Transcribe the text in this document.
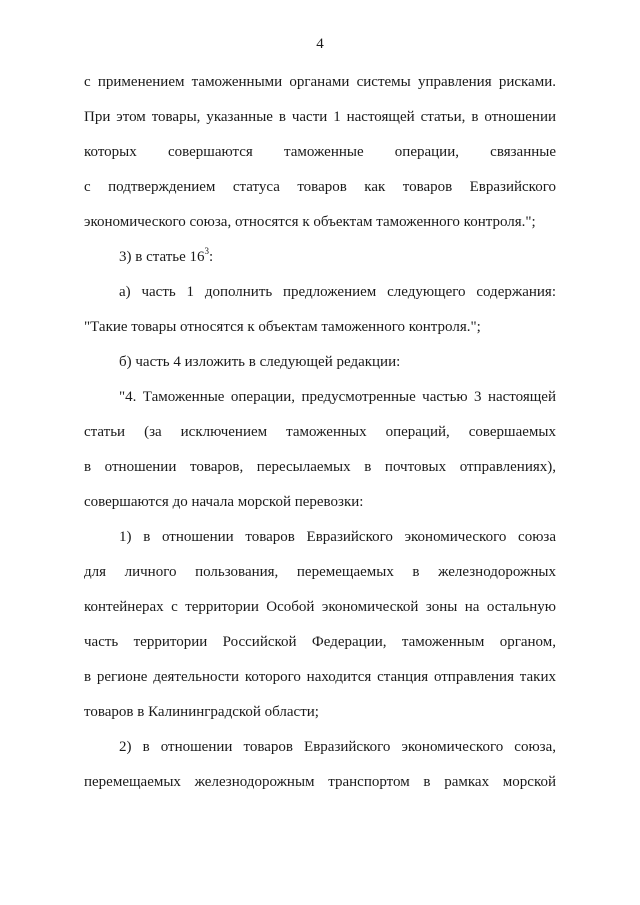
4
с применением таможенными органами системы управления рисками.
При этом товары, указанные в части 1 настоящей статьи, в отношении
которых совершаются таможенные операции, связанные
с подтверждением статуса товаров как товаров Евразийского
экономического союза, относятся к объектам таможенного контроля.";
3) в статье $16^3$:
а) часть 1 дополнить предложением следующего содержания:
"Такие товары относятся к объектам таможенного контроля.";
б) часть 4 изложить в следующей редакции:
"4. Таможенные операции, предусмотренные частью 3 настоящей
статьи (за исключением таможенных операций, совершаемых
в отношении товаров, пересылаемых в почтовых отправлениях),
совершаются до начала морской перевозки:
1) в отношении товаров Евразийского экономического союза
для личного пользования, перемещаемых в железнодорожных
контейнерах с территории Особой экономической зоны на остальную
часть территории Российской Федерации, таможенным органом,
в регионе деятельности которого находится станция отправления таких
товаров в Калининградской области;
2) в отношении товаров Евразийского экономического союза,
перемещаемых железнодорожным транспортом в рамках морской
